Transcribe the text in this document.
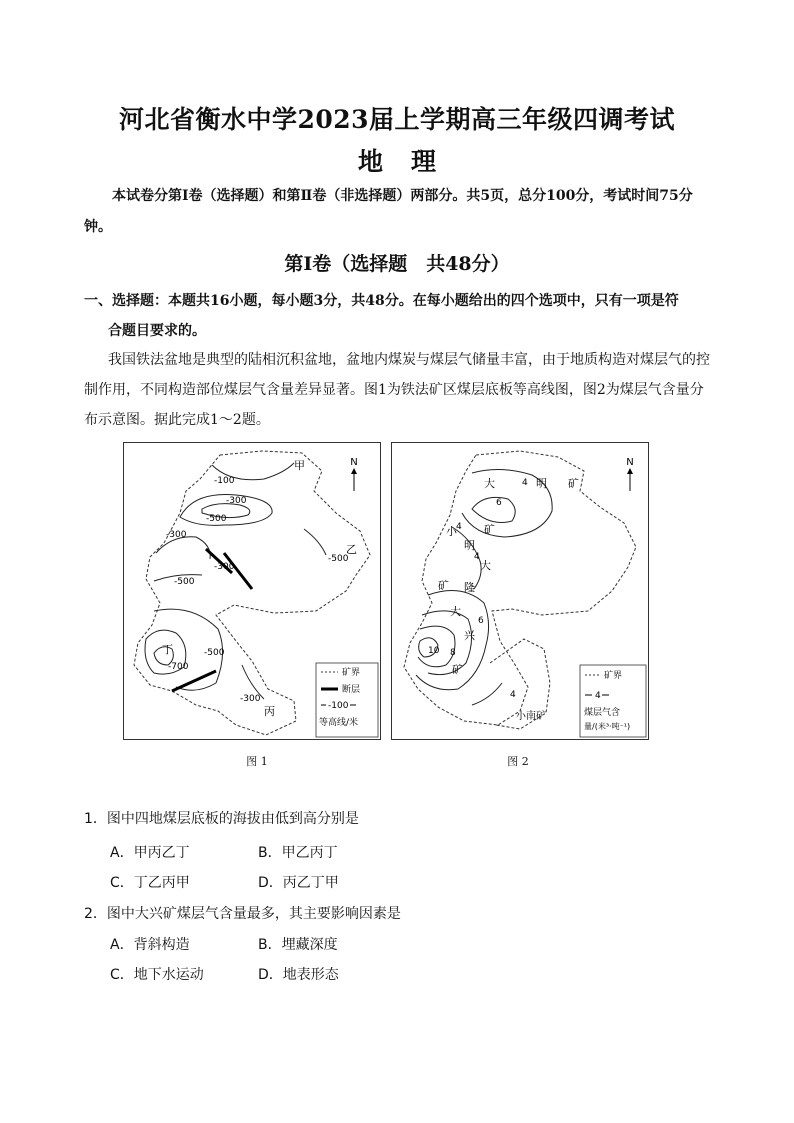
河北省衡水中学2023届上学期高三年级四调考试
地 理
本试卷分第Ⅰ卷（选择题）和第Ⅱ卷（非选择题）两部分。共5页，总分100分，考试时间75分钟。
第Ⅰ卷（选择题　共48分）
一、选择题：本题共16小题，每小题3分，共48分。在每小题给出的四个选项中，只有一项是符
合题目要求的。
我国铁法盆地是典型的陆相沉积盆地，盆地内煤炭与煤层气储量丰富，由于地质构造对煤层气的控制作用，不同构造部位煤层气含量差异显著。图1为铁法矿区煤层底板等高线图，图2为煤层气含量分布示意图。据此完成1～2题。
N
甲
乙
丁
丙
-100
-300
-500
-300
-500
-300
-500
-500
-700
-300
矿界
断层
-100
等高线/米
图 1
N
大	明 矿
小
明
矿
大
隆
矿
大
兴
矿
小南矿
4
6
4
4
6
10 8
4
矿界
4
煤层气含
量/(米³·吨⁻¹)
图 2
1．图中四地煤层底板的海拔由低到高分别是
A．甲丙乙丁	B．甲乙丙丁
C．丁乙丙甲	D．丙乙丁甲
2．图中大兴矿煤层气含量最多，其主要影响因素是
A．背斜构造	B．埋藏深度
C．地下水运动	D．地表形态
